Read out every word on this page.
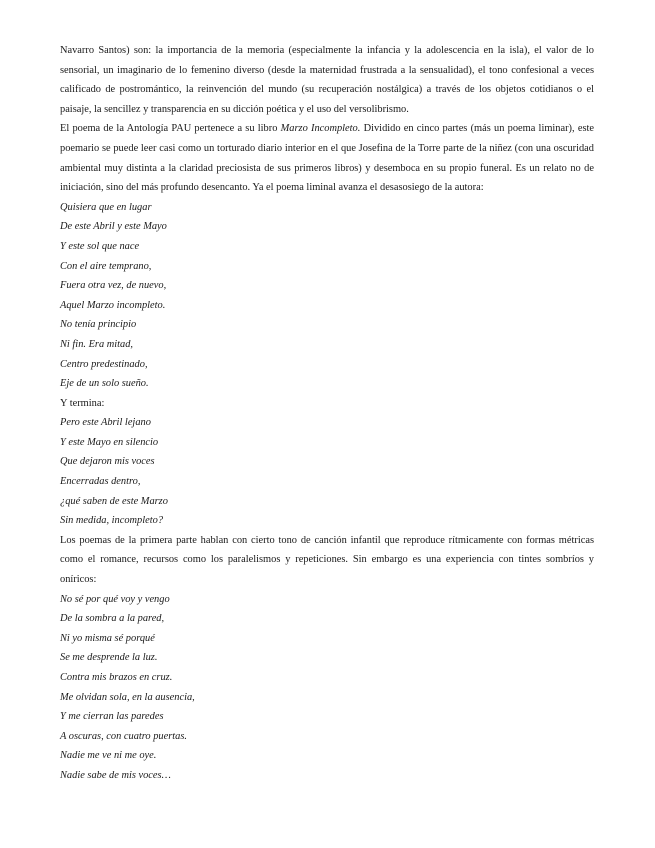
Navarro Santos) son: la importancia de la memoria (especialmente la infancia y la adolescencia en la isla), el valor de lo sensorial, un imaginario de lo femenino diverso (desde la maternidad frustrada a la sensualidad), el tono confesional a veces calificado de postromántico, la reinvención del mundo (su recuperación nostálgica) a través de los objetos cotidianos o el paisaje, la sencillez y transparencia en su dicción poética y el uso del versolibrismo.

El poema de la Antología PAU pertenece a su libro Marzo Incompleto. Dividido en cinco partes (más un poema liminar), este poemario se puede leer casi como un torturado diario interior en el que Josefina de la Torre parte de la niñez (con una oscuridad ambiental muy distinta a la claridad preciosista de sus primeros libros) y desemboca en su propio funeral. Es un relato no de iniciación, sino del más profundo desencanto. Ya el poema liminal avanza el desasosiego de la autora:

Quisiera que en lugar

De este Abril y este Mayo

Y este sol que nace

Con el aire temprano,

Fuera otra vez, de nuevo,

Aquel Marzo incompleto.

No tenía principio

Ni fin. Era mitad,

Centro predestinado,

Eje de un solo sueño.

Y termina:

Pero este Abril lejano

Y este Mayo en silencio

Que dejaron mis voces

Encerradas dentro,

¿qué saben de este Marzo

Sin medida, incompleto?

Los poemas de la primera parte hablan con cierto tono de canción infantil que reproduce rítmicamente con formas métricas como el romance, recursos como los paralelismos y repeticiones. Sin embargo es una experiencia con tintes sombríos y oníricos:

No sé por qué voy y vengo

De la sombra a la pared,

Ni yo misma sé porqué

Se me desprende la luz.

Contra mis brazos en cruz.

Me olvidan sola, en la ausencia,

Y me cierran las paredes

A oscuras, con cuatro puertas.

Nadie me ve ni me oye.

Nadie sabe de mis voces…
